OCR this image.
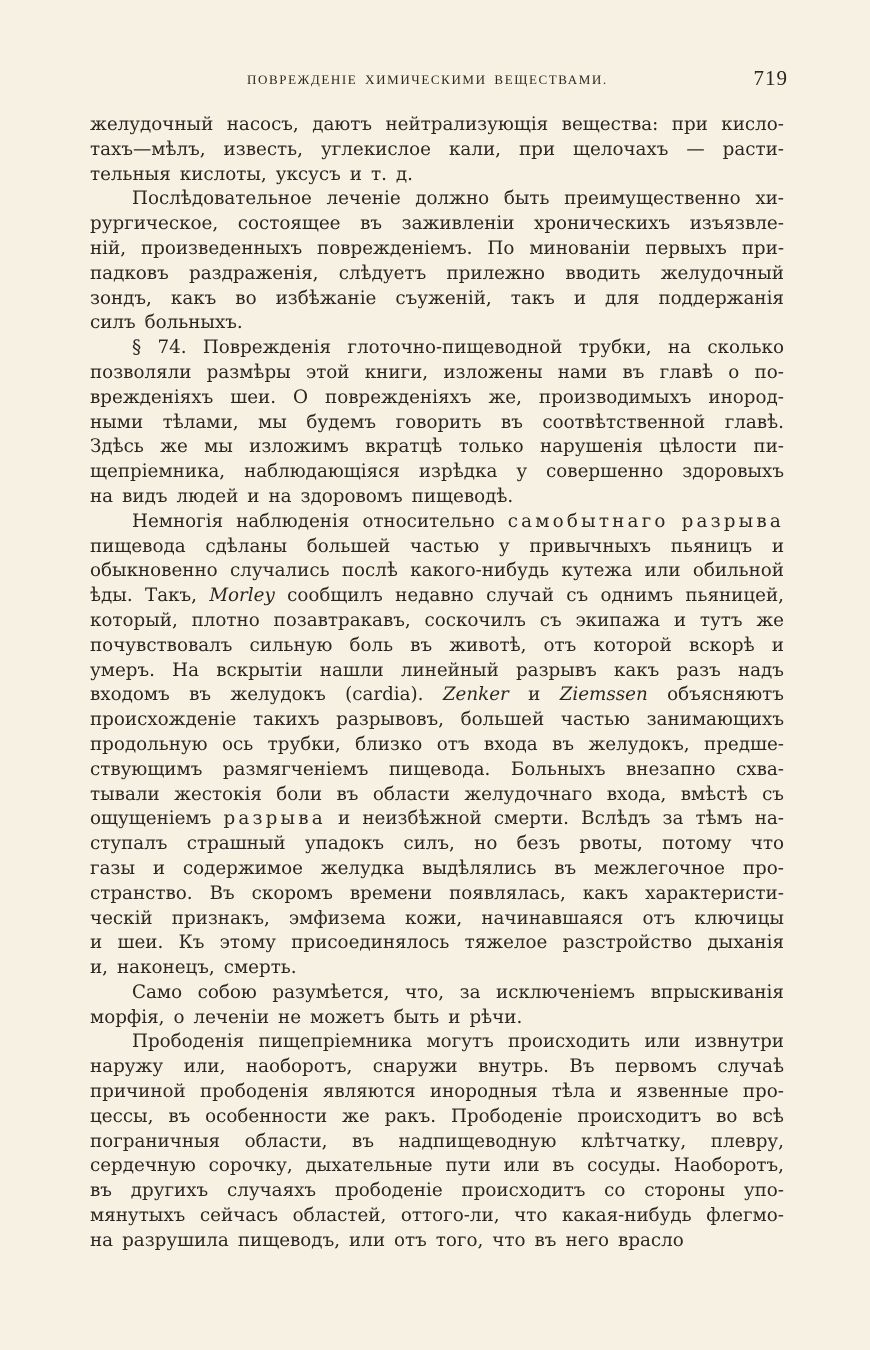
ПОВРЕЖДЕНІЕ ХИМИЧЕСКИМИ ВЕЩЕСТВАМИ.	719
желудочный насосъ, даютъ нейтрализующія вещества: при кисло-
тахъ—мѣлъ, известь, углекислое кали, при щелочахъ — расти-
тельныя кислоты, уксусъ и т. д.
Послѣдовательное леченіе должно быть преимущественно хи-
рургическое, состоящее въ заживленіи хроническихъ изъязвле-
ній, произведенныхъ поврежденіемъ. По минованіи первыхъ при-
падковъ раздраженія, слѣдуетъ прилежно вводить желудочный
зондъ, какъ во избѣжаніе съуженій, такъ и для поддержанія
силъ больныхъ.
§ 74. Поврежденія глоточно-пищеводной трубки, на сколько
позволяли размѣры этой книги, изложены нами въ главѣ о по-
врежденіяхъ шеи. О поврежденіяхъ же, производимыхъ инород-
ными тѣлами, мы будемъ говорить въ соотвѣтственной главѣ.
Здѣсь же мы изложимъ вкратцѣ только нарушенія цѣлости пи-
щепріемника, наблюдающіяся изрѣдка у совершенно здоровыхъ
на видъ людей и на здоровомъ пищеводѣ.
Немногія наблюденія относительно самобытнаго разрыва
пищевода сдѣланы большей частью у привычныхъ пьяницъ и
обыкновенно случались послѣ какого-нибудь кутежа или обильной
ѣды. Такъ, Morley сообщилъ недавно случай съ однимъ пьяницей,
который, плотно позавтракавъ, соскочилъ съ экипажа и тутъ же
почувствовалъ сильную боль въ животѣ, отъ которой вскорѣ и
умеръ. На вскрытіи нашли линейный разрывъ какъ разъ надъ
входомъ въ желудокъ (cardia). Zenker и Ziemssen объясняютъ
происхожденіе такихъ разрывовъ, большей частью занимающихъ
продольную ось трубки, близко отъ входа въ желудокъ, предше-
ствующимъ размягченіемъ пищевода. Больныхъ внезапно схва-
тывали жестокія боли въ области желудочнаго входа, вмѣстѣ съ
ощущеніемъ разрыва и неизбѣжной смерти. Вслѣдъ за тѣмъ на-
ступалъ страшный упадокъ силъ, но безъ рвоты, потому что
газы и содержимое желудка выдѣлялись въ межлегочное про-
странство. Въ скоромъ времени появлялась, какъ характеристи-
ческій признакъ, эмфизема кожи, начинавшаяся отъ ключицы
и шеи. Къ этому присоединялось тяжелое разстройство дыханія
и, наконецъ, смерть.
Само собою разумѣется, что, за исключеніемъ впрыскиванія
морфія, о леченіи не можетъ быть и рѣчи.
Прободенія пищепріемника могутъ происходить или извнутри
наружу или, наоборотъ, снаружи внутрь. Въ первомъ случаѣ
причиной прободенія являются инородныя тѣла и язвенные про-
цессы, въ особенности же ракъ. Прободеніе происходитъ во всѣ
пограничныя области, въ надпищеводную клѣтчатку, плевру,
сердечную сорочку, дыхательные пути или въ сосуды. Наоборотъ,
въ другихъ случаяхъ прободеніе происходитъ со стороны упо-
мянутыхъ сейчасъ областей, оттого-ли, что какая-нибудь флегмо-
на разрушила пищеводъ, или отъ того, что въ него врасло
